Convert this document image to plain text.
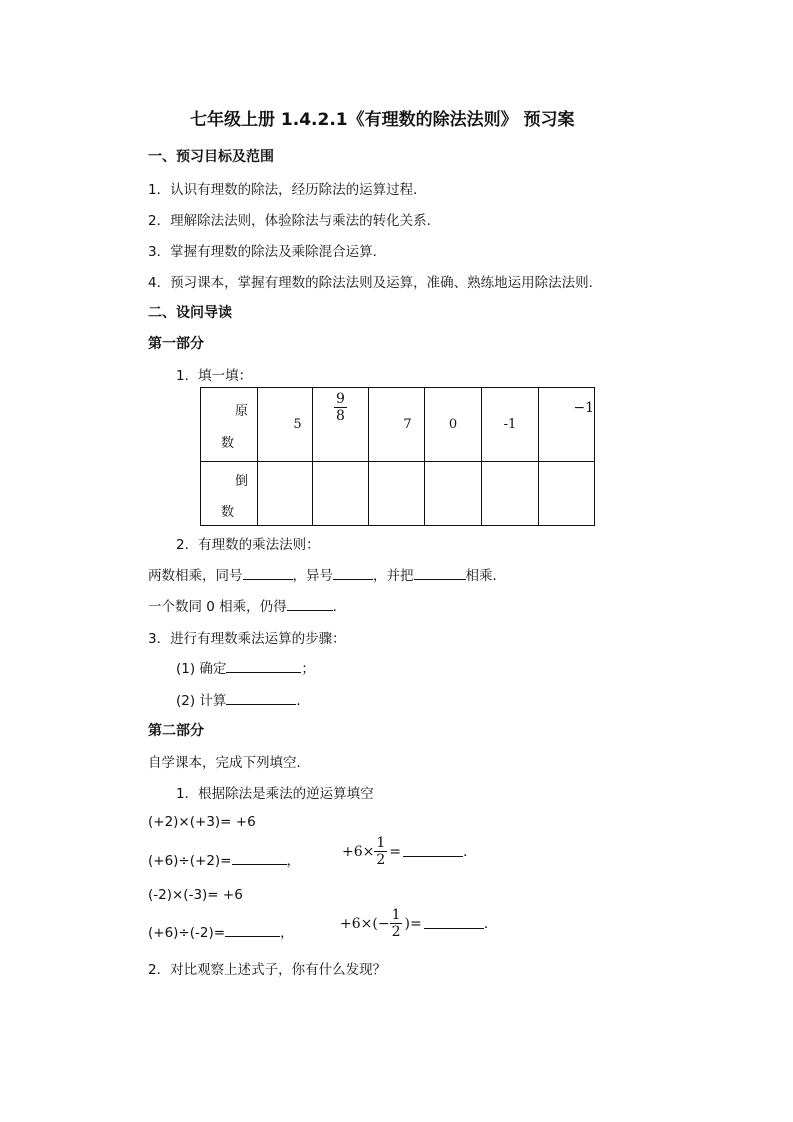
七年级上册 1.4.2.1《有理数的除法法则》 预习案
一、预习目标及范围
1．认识有理数的除法，经历除法的运算过程．
2．理解除法法则，体验除法与乘法的转化关系．
3．掌握有理数的除法及乘除混合运算．
4．预习课本，掌握有理数的除法法则及运算，准确、熟练地运用除法法则．
二、设问导读
第一部分
1．填一填：
原
数	5	$\frac{9}{8}$	7	0	-1	−1

倒
数						

2．有理数的乘法法则：
两数相乘，同号	，异号	，并把	相乘．
一个数同 0 相乘，仍得	．
3．进行有理数乘法运算的步骤：
(1) 确定	；
(2) 计算	．
第二部分
自学课本，完成下列填空．
1．根据除法是乘法的逆运算填空
(+2)×(+3)= +6
(+6)÷(+2)=	，
$+6\times \frac{1}{2}$ =	.
(-2)×(-3)= +6
(+6)÷(-2)=	，
$+6\times(- \frac{1}{2}$ )=	.
2．对比观察上述式子，你有什么发现？
